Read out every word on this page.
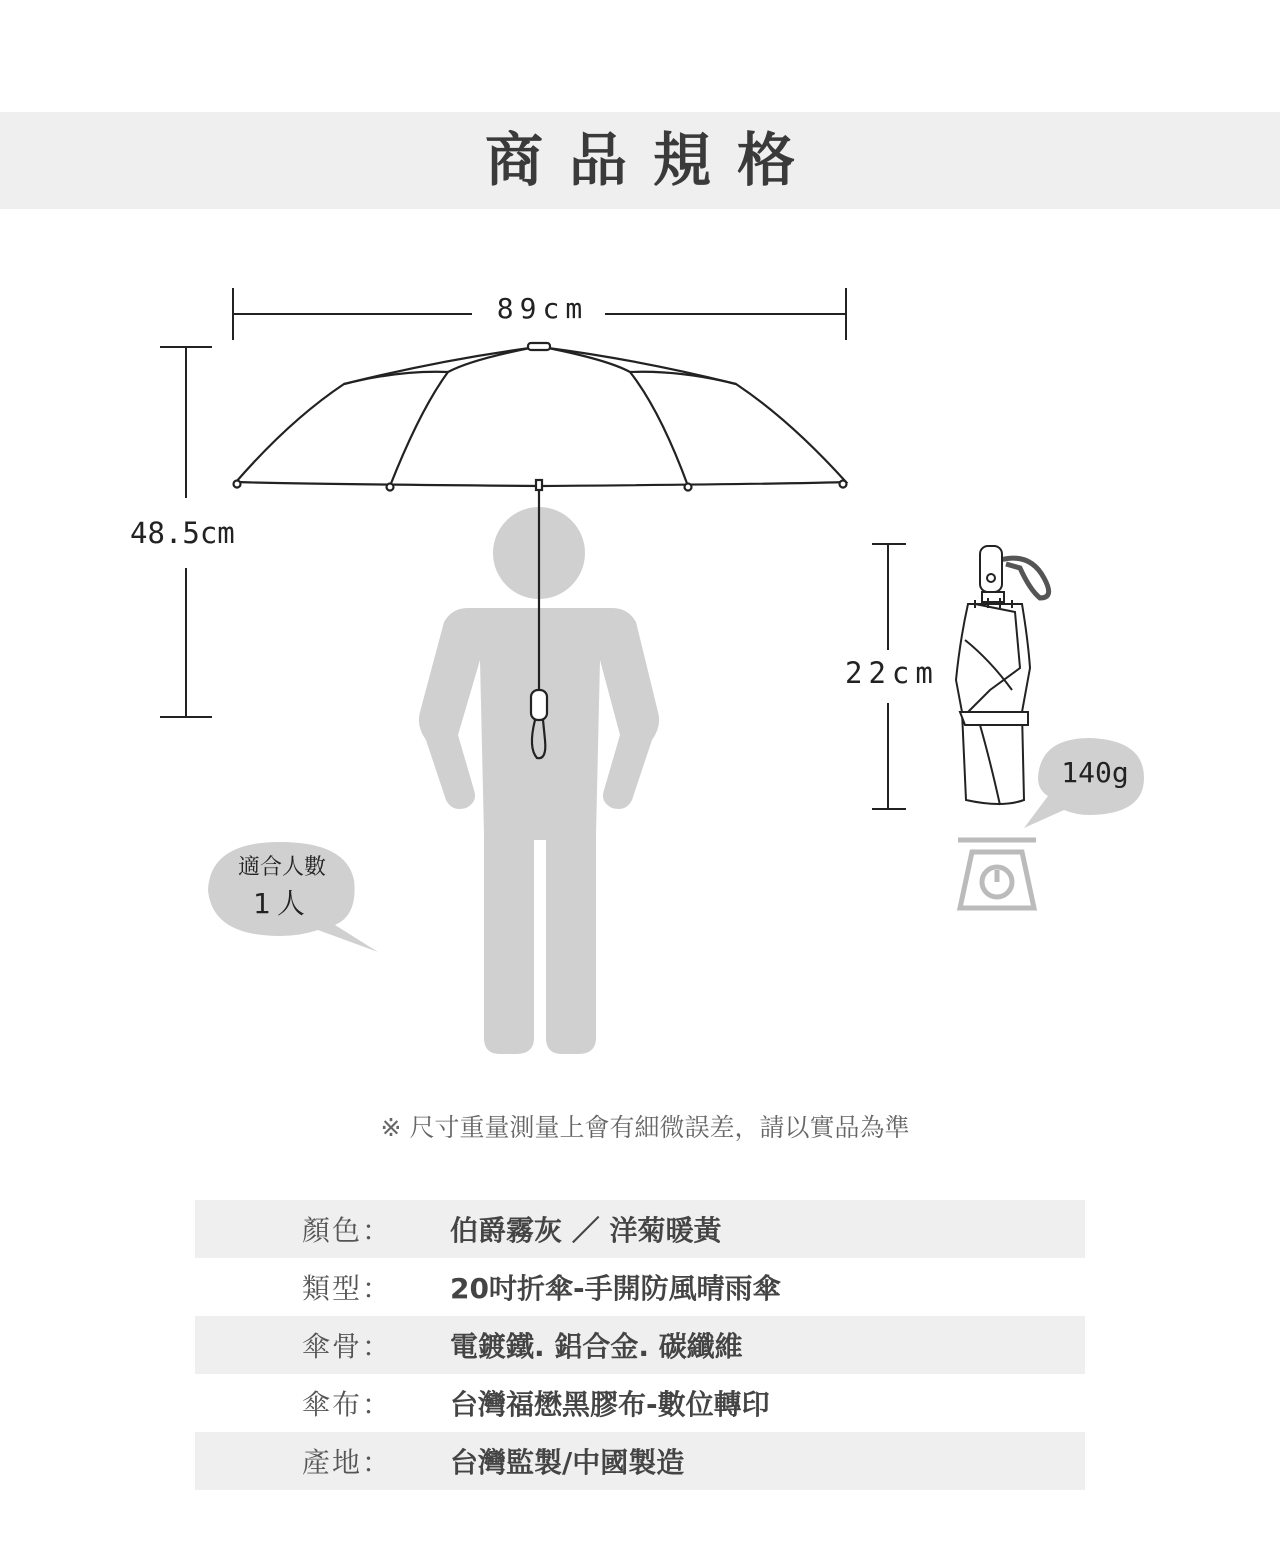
商品規格
89cm
48.5cm
22cm
140g
適合人數
1人
※ 尺寸重量測量上會有細微誤差，請以實品為準
顏色：	伯爵霧灰 ／ 洋菊暖黃
類型：	20吋折傘-手開防風晴雨傘
傘骨：	電鍍鐵. 鋁合金. 碳纖維
傘布：	台灣福懋黑膠布-數位轉印
產地：	台灣監製/中國製造
